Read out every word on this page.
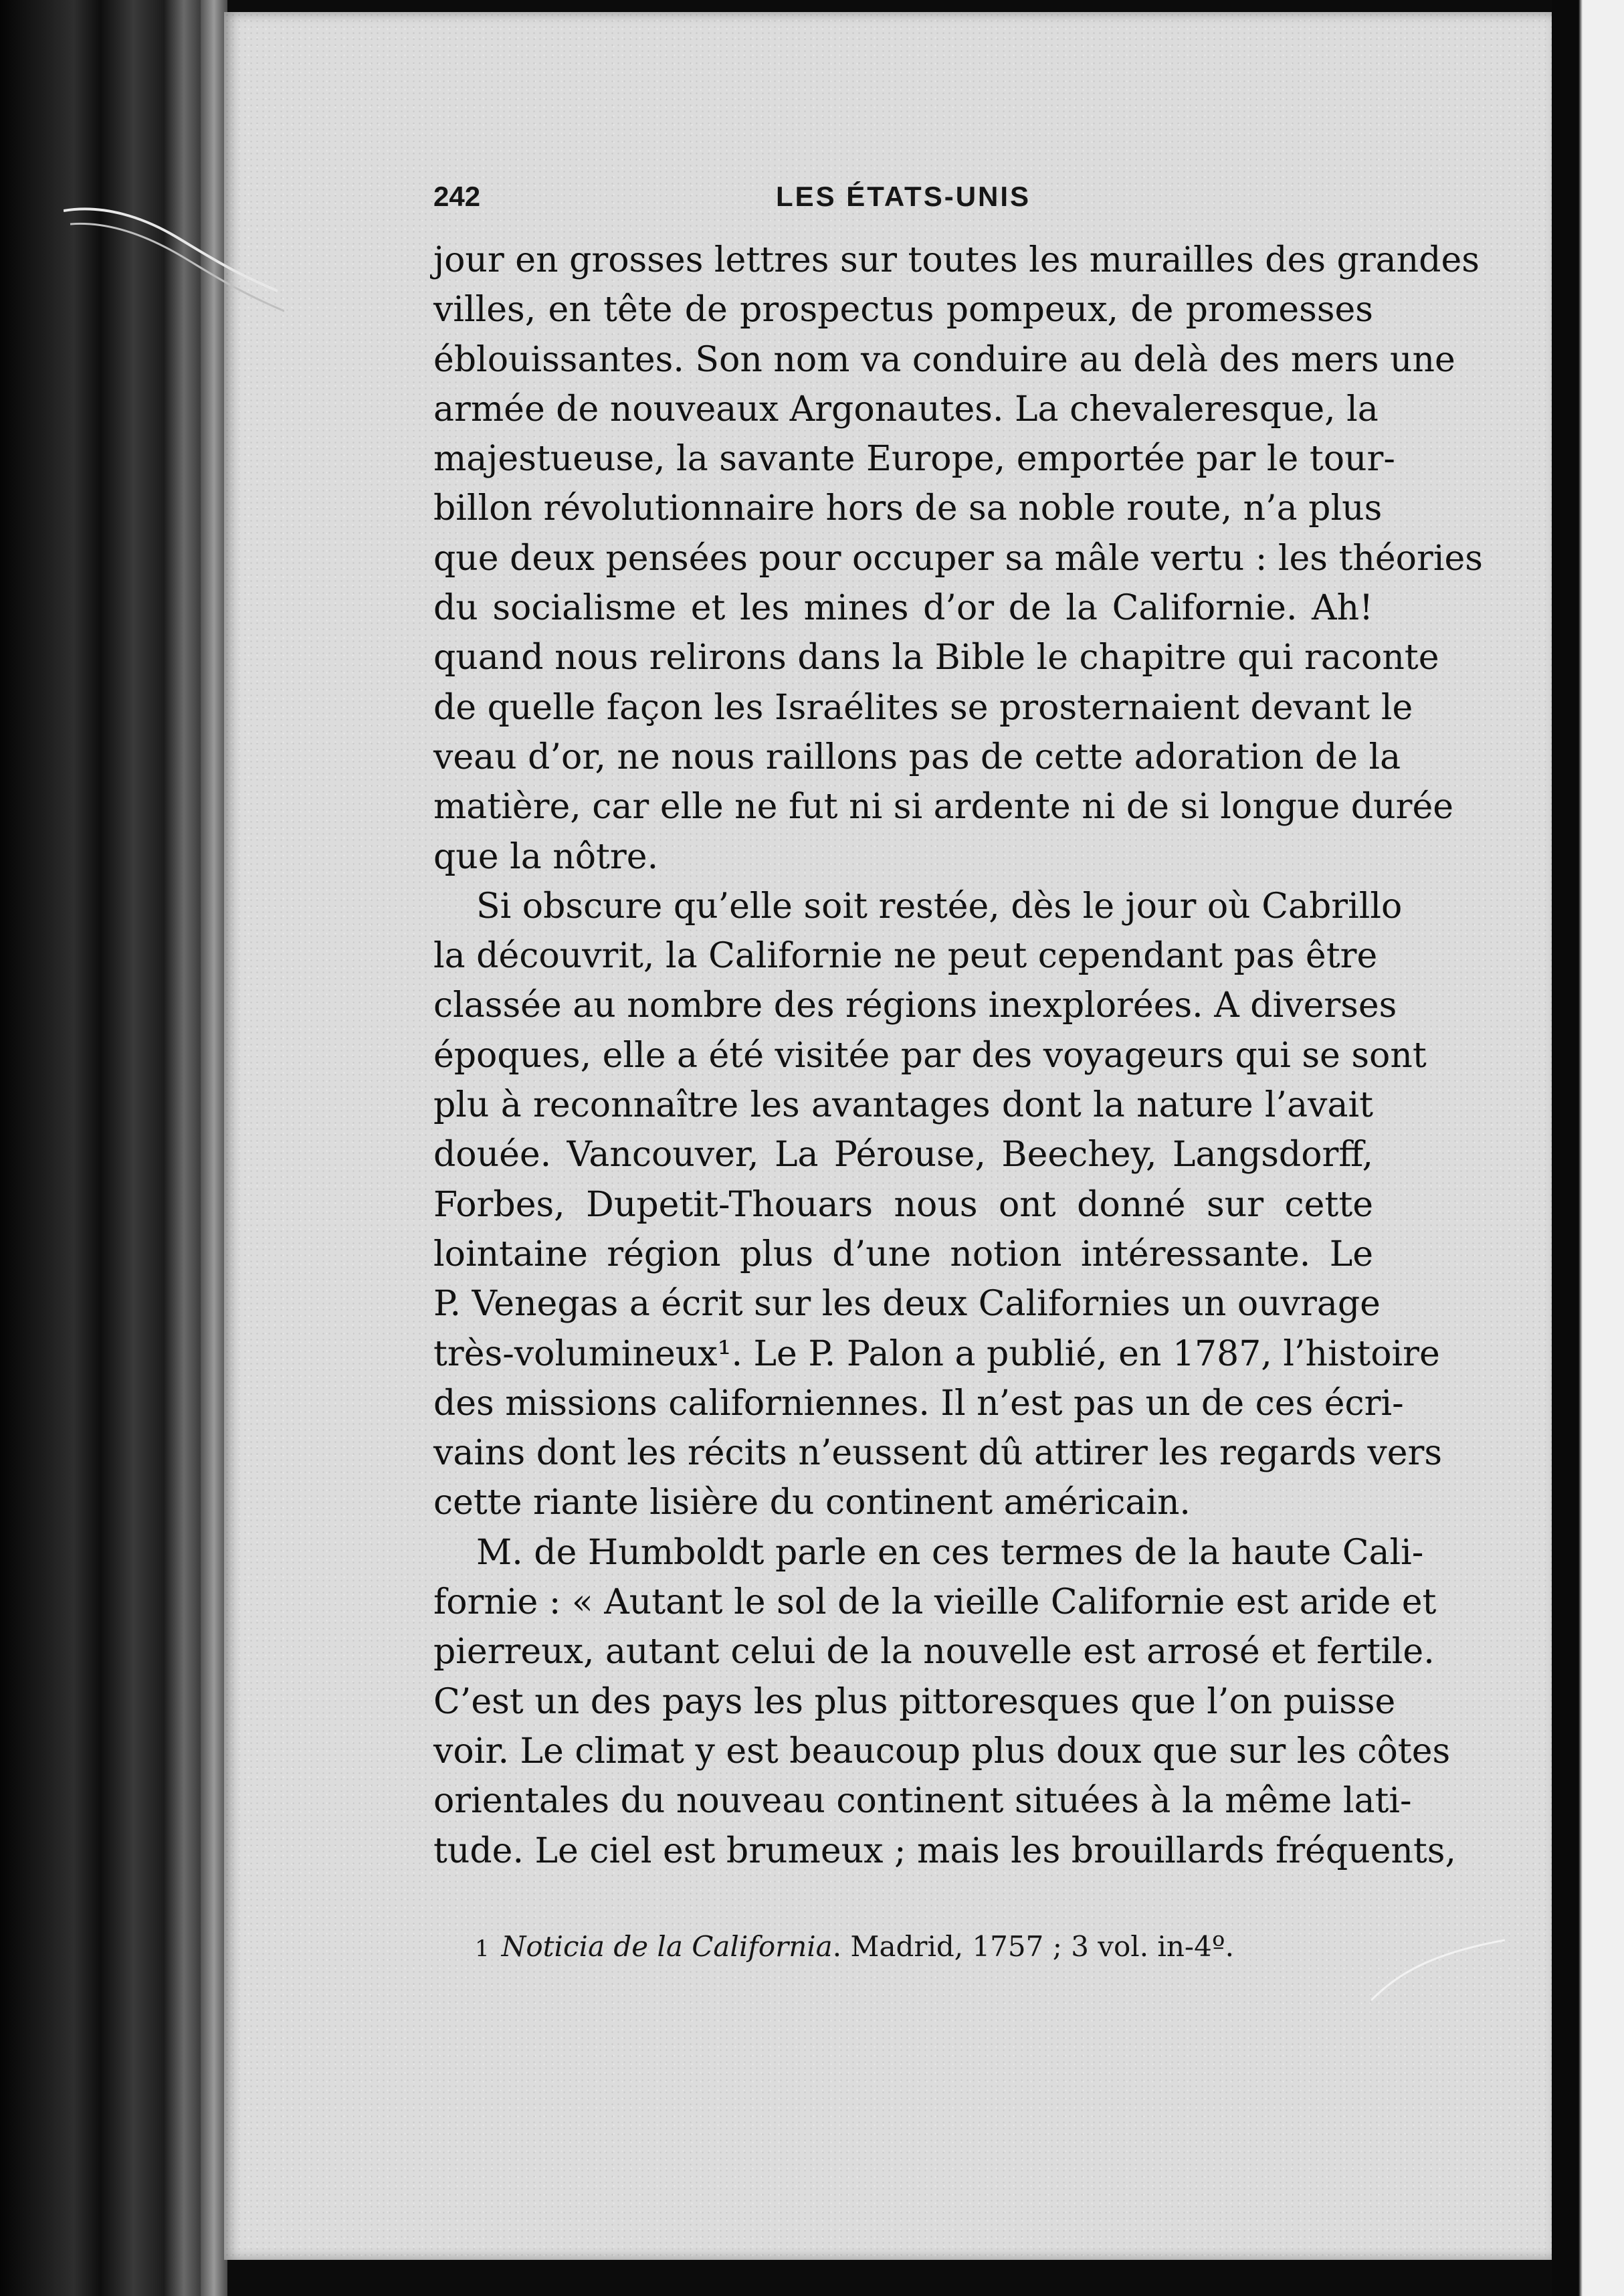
242	LES ÉTATS-UNIS
jour en grosses lettres sur toutes les murailles des grandes
villes, en tête de prospectus pompeux, de promesses
éblouissantes. Son nom va conduire au delà des mers une
armée de nouveaux Argonautes. La chevaleresque, la
majestueuse, la savante Europe, emportée par le tour-
billon révolutionnaire hors de sa noble route, n’a plus
que deux pensées pour occuper sa mâle vertu : les théories
du socialisme et les mines d’or de la Californie. Ah!
quand nous relirons dans la Bible le chapitre qui raconte
de quelle façon les Israélites se prosternaient devant le
veau d’or, ne nous raillons pas de cette adoration de la
matière, car elle ne fut ni si ardente ni de si longue durée
que la nôtre.
Si obscure qu’elle soit restée, dès le jour où Cabrillo
la découvrit, la Californie ne peut cependant pas être
classée au nombre des régions inexplorées. A diverses
époques, elle a été visitée par des voyageurs qui se sont
plu à reconnaître les avantages dont la nature l’avait
douée. Vancouver, La Pérouse, Beechey, Langsdorff,
Forbes, Dupetit-Thouars nous ont donné sur cette
lointaine région plus d’une notion intéressante. Le
P. Venegas a écrit sur les deux Californies un ouvrage
très-volumineux¹. Le P. Palon a publié, en 1787, l’histoire
des missions californiennes. Il n’est pas un de ces écri-
vains dont les récits n’eussent dû attirer les regards vers
cette riante lisière du continent américain.
M. de Humboldt parle en ces termes de la haute Cali-
fornie : « Autant le sol de la vieille Californie est aride et
pierreux, autant celui de la nouvelle est arrosé et fertile.
C’est un des pays les plus pittoresques que l’on puisse
voir. Le climat y est beaucoup plus doux que sur les côtes
orientales du nouveau continent situées à la même lati-
tude. Le ciel est brumeux ; mais les brouillards fréquents,
1 Noticia de la California. Madrid, 1757 ; 3 vol. in-4º.
